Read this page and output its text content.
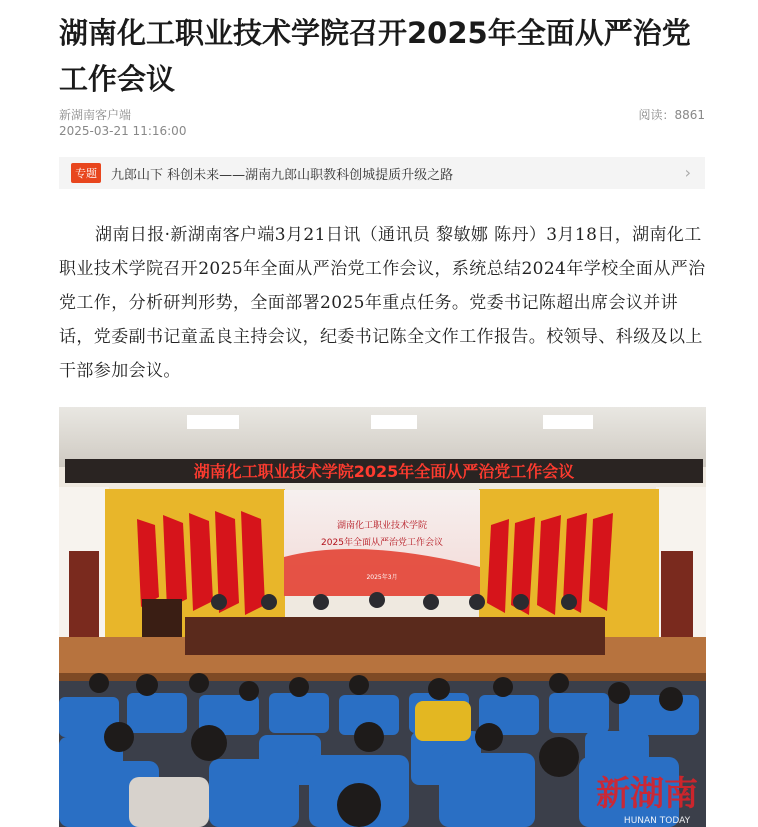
湖南化工职业技术学院召开2025年全面从严治党工作会议
新湖南客户端
2025-03-21 11:16:00
阅读：8861
专题	九郎山下 科创未来——湖南九郎山职教科创城提质升级之路	›
湖南日报·新湖南客户端3月21日讯（通讯员 黎敏娜 陈丹）3月18日，湖南化工职业技术学院召开2025年全面从严治党工作会议，系统总结2024年学校全面从严治党工作，分析研判形势，全面部署2025年重点任务。党委书记陈超出席会议并讲话，党委副书记童孟良主持会议，纪委书记陈全文作工作报告。校领导、科级及以上干部参加会议。
湖南化工职业技术学院2025年全面从严治党工作会议
湖南化工职业技术学院
2025年全面从严治党工作会议
2025年3月
新湖南
HUNAN TODAY
